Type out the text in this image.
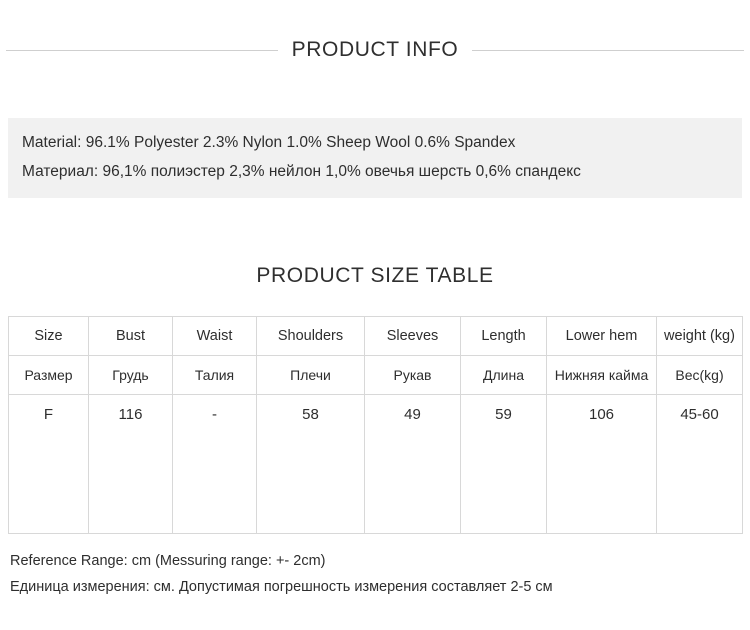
PRODUCT INFO
Material: 96.1% Polyester 2.3% Nylon 1.0% Sheep Wool 0.6% Spandex
Материал: 96,1% полиэстер 2,3% нейлон 1,0% овечья шерсть 0,6% спандекс
PRODUCT SIZE TABLE
Size	Bust	Waist	Shoulders	Sleeves	Length	Lower hem	weight (kg)
Размер	Грудь	Талия	Плечи	Рукав	Длина	Нижняя кайма	Вес(kg)
F	116	-	58	49	59	106	45-60

Reference Range: cm (Messuring range: +- 2cm)
Единица измерения: см. Допустимая погрешность измерения составляет 2-5 см
